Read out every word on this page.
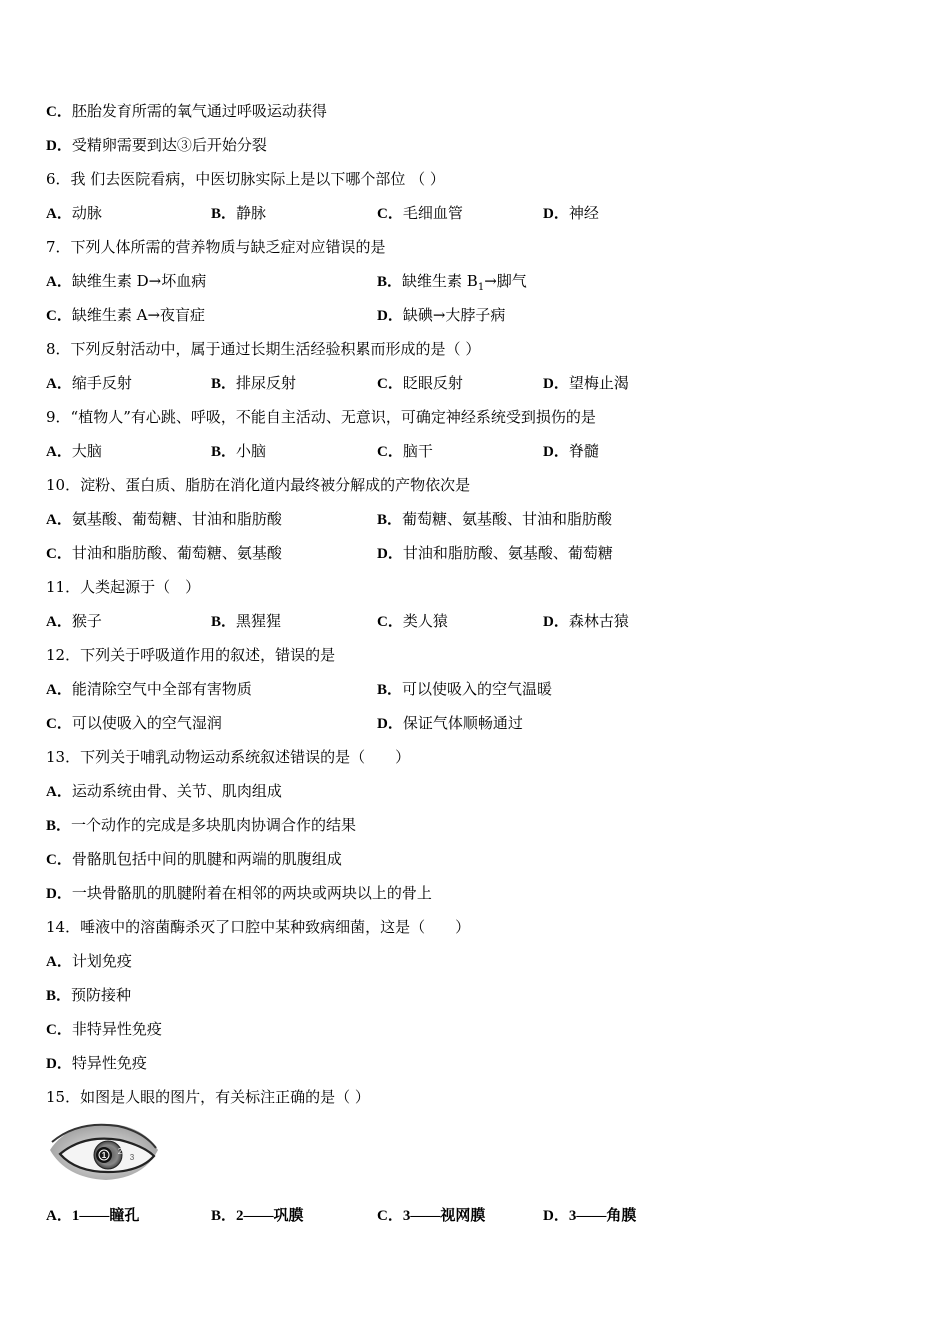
C．胚胎发育所需的氧气通过呼吸运动获得
D．受精卵需要到达③后开始分裂
6．我 们去医院看病，中医切脉实际上是以下哪个部位 （ ）
A．动脉	B．静脉	C．毛细血管	D．神经
7．下列人体所需的营养物质与缺乏症对应错误的是
A．缺维生素 D→坏血病	B．缺维生素 $B_1\to$脚气
C．缺维生素 A→夜盲症	D．缺碘→大脖子病
8．下列反射活动中，属于通过长期生活经验积累而形成的是（ ）
A．缩手反射	B．排尿反射	C．眨眼反射	D．望梅止渴
9．“植物人”有心跳、呼吸，不能自主活动、无意识，可确定神经系统受到损伤的是
A．大脑	B．小脑	C．脑干	D．脊髓
10．淀粉、蛋白质、脂肪在消化道内最终被分解成的产物依次是
A．氨基酸、葡萄糖、甘油和脂肪酸	B．葡萄糖、氨基酸、甘油和脂肪酸
C．甘油和脂肪酸、葡萄糖、氨基酸	D．甘油和脂肪酸、氨基酸、葡萄糖
11．人类起源于（　）
A．猴子	B．黑猩猩	C．类人猿	D．森林古猿
12．下列关于呼吸道作用的叙述，错误的是
A．能清除空气中全部有害物质	B．可以使吸入的空气温暖
C．可以使吸入的空气湿润	D．保证气体顺畅通过
13．下列关于哺乳动物运动系统叙述错误的是（　　）
A．运动系统由骨、关节、肌肉组成
B．一个动作的完成是多块肌肉协调合作的结果
C．骨骼肌包括中间的肌腱和两端的肌腹组成
D．一块骨骼肌的肌腱附着在相邻的两块或两块以上的骨上
14．唾液中的溶菌酶杀灭了口腔中某种致病细菌，这是（　　）
A．计划免疫
B．预防接种
C．非特异性免疫
D．特异性免疫
15．如图是人眼的图片，有关标注正确的是（ ）
1 2
3
A．1——瞳孔	B．2——巩膜	C．3——视网膜	D．3——角膜
